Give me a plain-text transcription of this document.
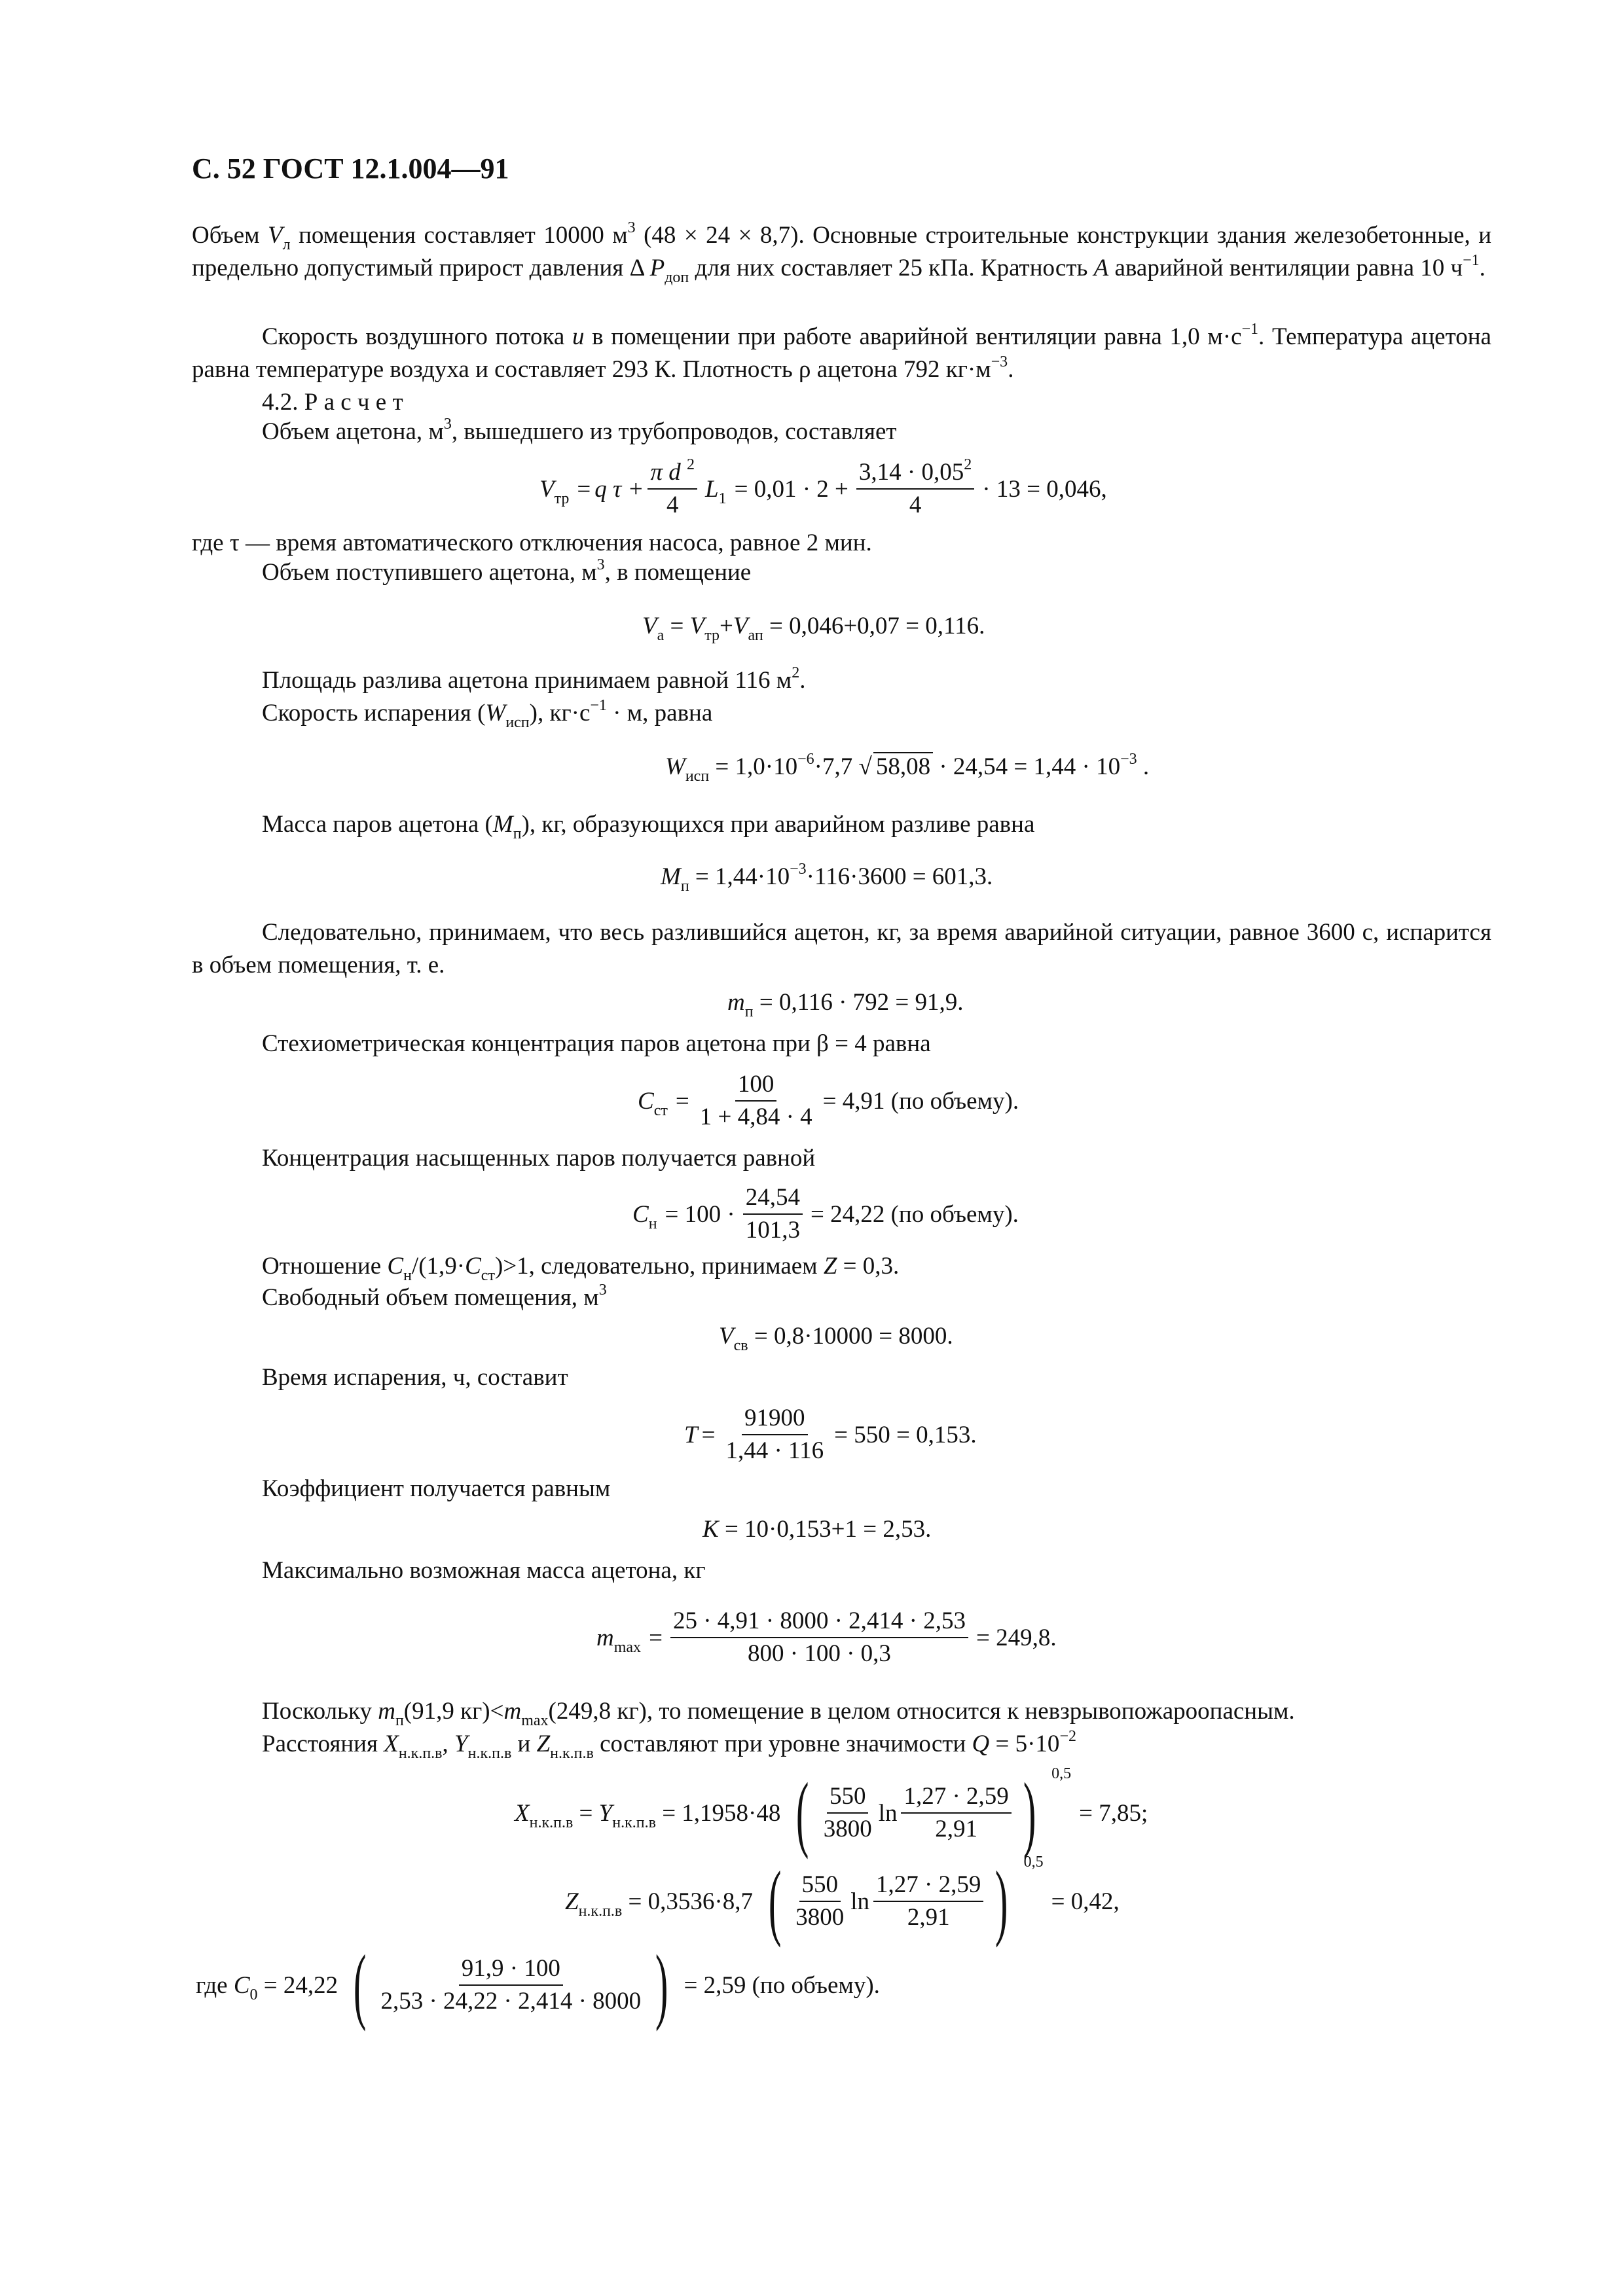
С. 52 ГОСТ 12.1.004—91
Объем $V_л$ помещения составляет 10000 $м^3$ (48 × 24 × 8,7). Основные строительные конструкции здания железобетонные, и предельно допустимый прирост давления Δ $P_{доп}$ для них составляет 25 кПа. Кратность A аварийной вентиляции равна 10 $ч^{-1}$.
Скорость воздушного потока u в помещении при работе аварийной вентиляции равна 1,0 $м\cdot с^{-1}$. Температура ацетона равна температуре воздуха и составляет 293 К. Плотность ρ ацетона 792 $кг\cdot м^{-3}$.
4.2. Р а с ч е т
Объем ацетона, $м^3$, вышедшего из трубопроводов, составляет
$V_{тр} = q$ $\tau + \frac{\pi d ^2}{4} L_1 = 0,01 \cdot 2 + \frac{3,14 \cdot 0,05^2}{4} \cdot 13 = 0,046$,
где τ — время автоматического отключения насоса, равное 2 мин.
Объем поступившего ацетона, $м^3$, в помещение
$V_а = V_{тр}+V_{ап} = 0,046+0,07 = 0,116$.
Площадь разлива ацетона принимаем равной 116 $м^2$.
Скорость испарения $(W_{исп})$, $кг\cdot с^{-1} \cdot м$, равна
$W_{исп} = 1,0\cdot 10^{-6}\cdot 7,7$ √ $58,08 \cdot 24,54 = 1,44 \cdot 10^{-3}$ .
Масса паров ацетона $(M_п)$, кг, образующихся при аварийном разливе равна
$M_п = 1,44\cdot 10^{-3}\cdot 116\cdot 3600 = 601,3$.
Следовательно, принимаем, что весь разлившийся ацетон, кг, за время аварийной ситуации, равное 3600 с, испарится в объем помещения, т. е.
$m_п = 0,116 \cdot 792 = 91,9$.
Стехиометрическая концентрация паров ацетона при β = 4 равна
$C_{ст} = \frac{100}{1 + 4,84 \cdot 4} = 4,91$ (по объему).
Концентрация насыщенных паров получается равной
$C_н = 100 \cdot \frac{24,54}{101,3} = 24,22$ (по объему).
Отношение $C_н/(1,9\cdot C_{ст})>1$, следовательно, принимаем Z = 0,3.
Свободный объем помещения, $м^3$
$V_{св} = 0,8\cdot 10000 = 8000$.
Время испарения, ч, составит
$T = \frac{91900}{1,44 \cdot 116} = 550 = 0,153$.
Коэффициент получается равным
K = 10·0,153+1 = 2,53.
Максимально возможная масса ацетона, кг
$m_{max} = \frac{25 \cdot 4,91 \cdot 8000 \cdot 2,414 \cdot 2,53}{800 \cdot 100 \cdot 0,3} = 249,8$.
Поскольку $m_п(91,9$ $кг)<m_{max}(249,8$ кг), то помещение в целом относится к невзрывопожароопасным.
Расстояния $X_{н.к.п.в}$, $Y_{н.к.п.в}$ и $Z_{н.к.п.в}$ составляют при уровне значимости $Q = 5\cdot 10^{-2}$
$X_{н.к.п.в} = Y_{н.к.п.в} = 1,1958\cdot 48$ ( $\frac{550}{3800}$ $\ln \frac{1,27 \cdot 2,59}{2,91}$ ) 0,5
= 7,85;
$Z_{н.к.п.в} = 0,3536\cdot 8,7$ ( $\frac{550}{3800}$ $\ln \frac{1,27 \cdot 2,59}{2,91}$ ) 0,5
= 0,42,
где $C_0 = 24,22$ ( $\frac{91,9 \cdot 100}{2,53 \cdot 24,22 \cdot 2,414 \cdot 8000}$ ) = 2,59 (по объему).
